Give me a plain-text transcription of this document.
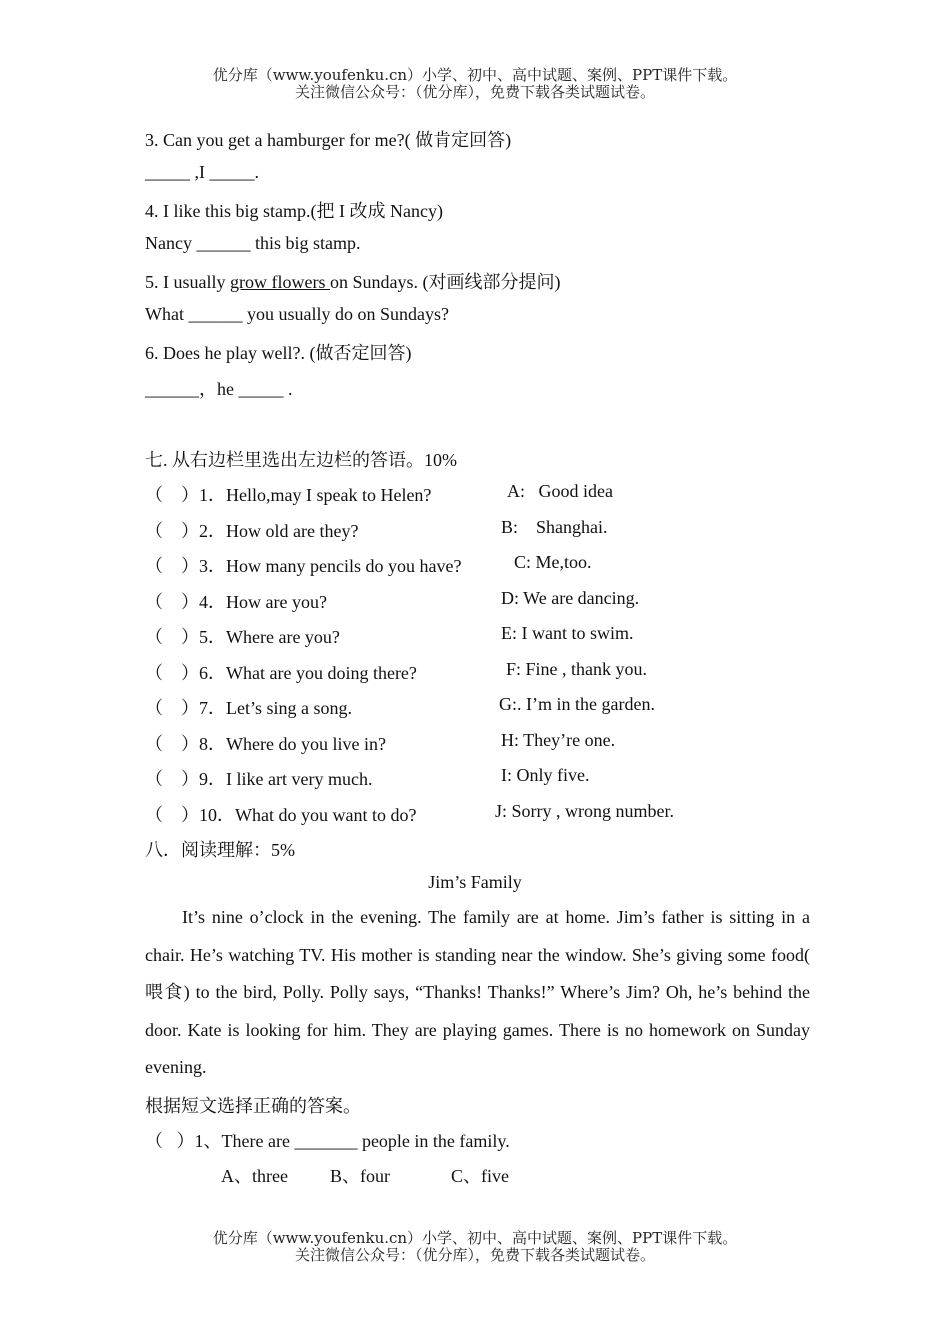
优分库（www.youfenku.cn）小学、初中、高中试题、案例、PPT课件下载。
关注微信公众号：（优分库），免费下载各类试题试卷。
3. Can you get a hamburger for me?( 做肯定回答)
_____ ,I _____.
4. I like this big stamp.(把 I 改成 Nancy)
Nancy ______ this big stamp.
5. I usually grow flowers on Sundays. (对画线部分提问)
What ______ you usually do on Sundays?
6. Does he play well?. (做否定回答)
______，he _____ .
七. 从右边栏里选出左边栏的答语。10%
（    ）1．Hello,may I speak to Helen?	A:   Good idea
（    ）2．How old are they?	B:    Shanghai.
（    ）3．How many pencils do you have?	C: Me,too.
（    ）4．How are you?	D: We are dancing.
（    ）5．Where are you?	E: I want to swim.
（    ）6．What are you doing there?	F: Fine , thank you.
（    ）7．Let’s sing a song.	G:. I’m in the garden.
（    ）8．Where do you live in?	H: They’re one.
（    ）9．I like art very much.	I: Only five.
（    ）10．What do you want to do?	J: Sorry , wrong number.
八．阅读理解：5%
Jim’s Family
It’s nine o’clock in the evening. The family are at home. Jim’s father is sitting in a chair. He’s watching TV. His mother is standing near the window. She’s giving some food( 喂食) to the bird, Polly. Polly says, “Thanks! Thanks!” Where’s Jim? Oh, he’s behind the door. Kate is looking for him. They are playing games. There is no homework on Sunday evening.
根据短文选择正确的答案。
（   ）1、There are _______ people in the family.
A、three B、four	C、five
优分库（www.youfenku.cn）小学、初中、高中试题、案例、PPT课件下载。
关注微信公众号：（优分库），免费下载各类试题试卷。
